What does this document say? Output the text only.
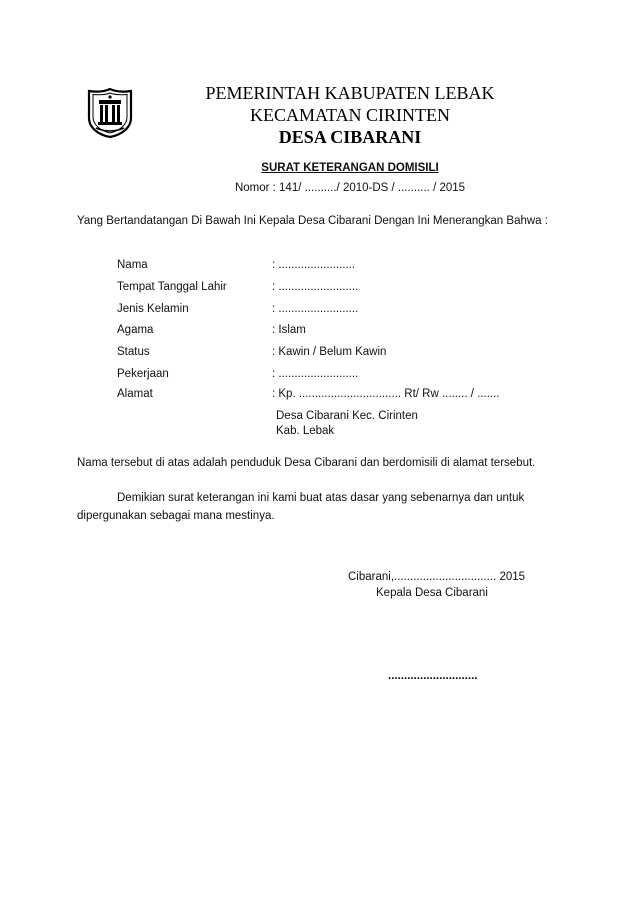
PEMERINTAH KABUPATEN LEBAK
KECAMATAN CIRINTEN
DESA CIBARANI
SURAT KETERANGAN DOMISILI
Nomor : 141/ ........../ 2010-DS / .......... / 2015
Yang Bertandatangan Di Bawah Ini Kepala Desa Cibarani Dengan Ini Menerangkan Bahwa :
Nama	: ........................
Tempat Tanggal Lahir	: .........................
Jenis Kelamin	: .........................
Agama	: Islam
Status	: Kawin / Belum Kawin
Pekerjaan	: .........................
Alamat	: Kp. ................................ Rt/ Rw ........ / .......
Desa Cibarani Kec. Cirinten
Kab. Lebak
Nama tersebut di atas adalah penduduk Desa Cibarani dan berdomisili di alamat tersebut.
Demikian surat keterangan ini kami buat atas dasar yang sebenarnya dan untuk
dipergunakan sebagai mana mestinya.
Cibarani,................................ 2015
Kepala Desa Cibarani
............................
